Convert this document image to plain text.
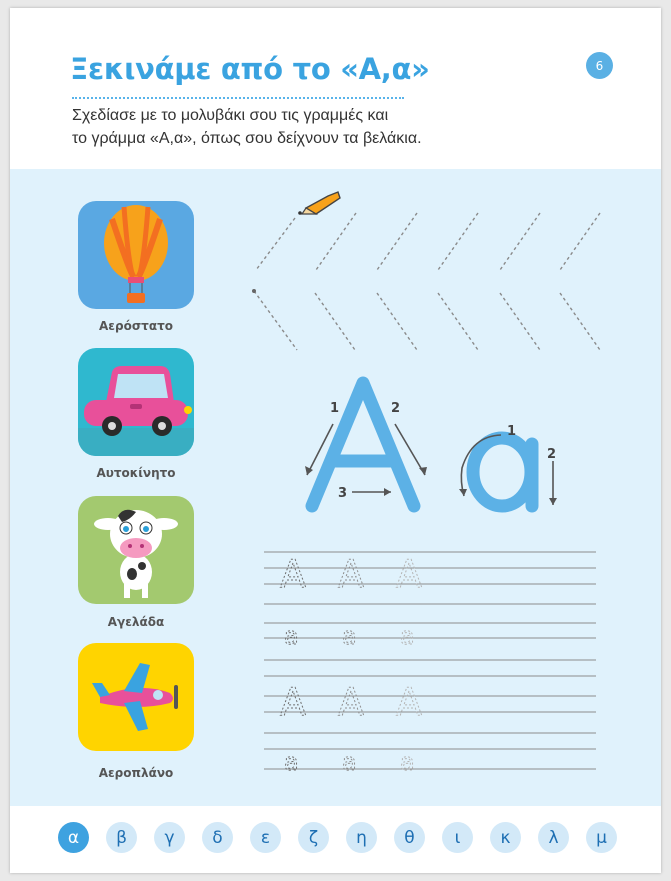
Ξεκινάμε από το «Α,α»	6
Σχεδίασε με το μολυβάκι σου τις γραμμές και
το γράμμα «Α,α», όπως σου δείχνουν τα βελάκια.
Αερόστατο
Αυτοκίνητο
Αγελάδα
Αεροπλάνο
1	2
3
1
2
A A A
A A A
a a a
a a a
α	β	γ	δ	ε	ζ	η	θ	ι	κ	λ	μ
